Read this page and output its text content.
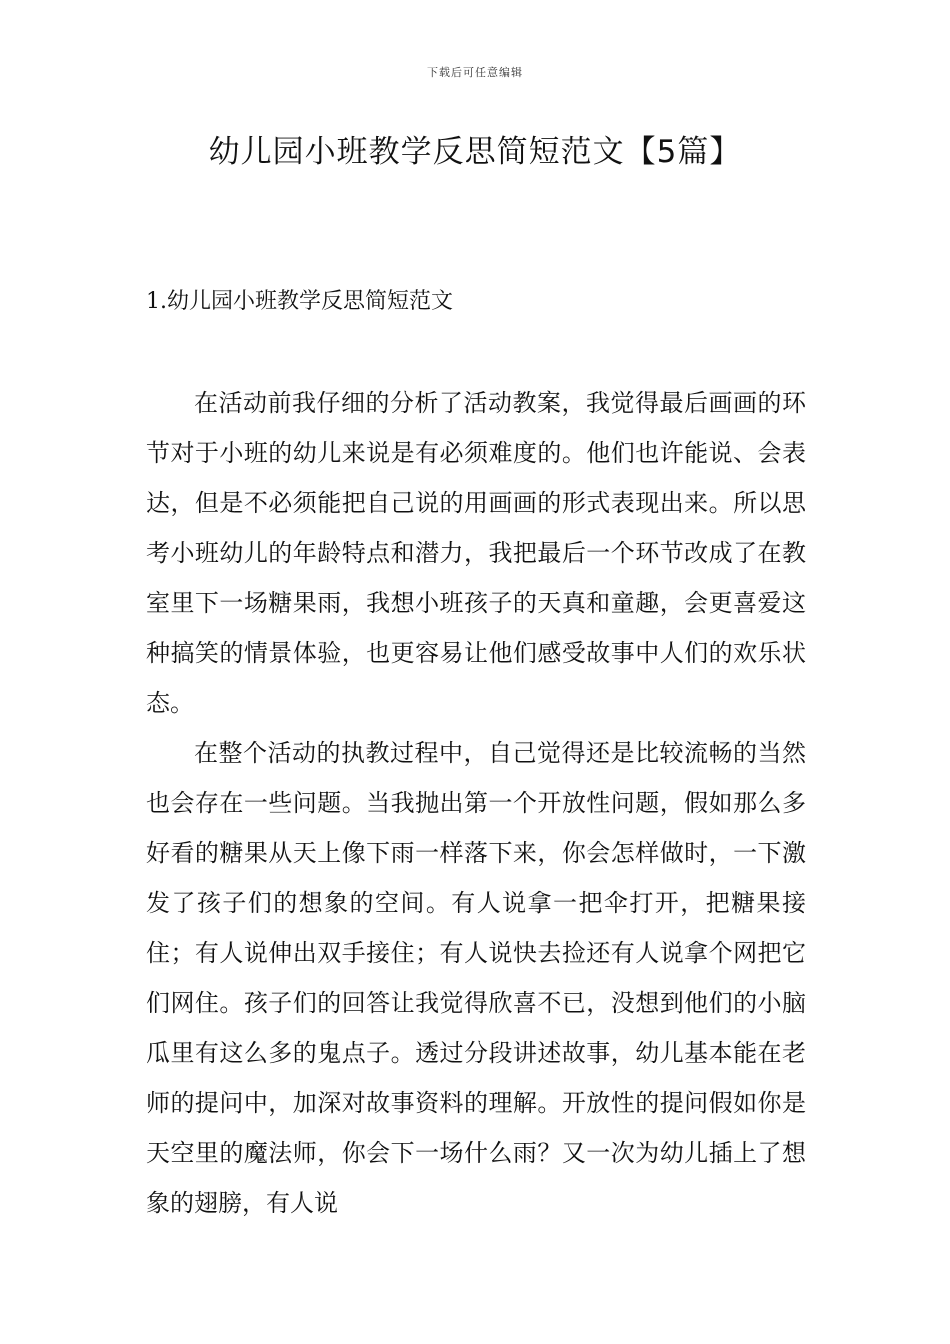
下载后可任意编辑
幼儿园小班教学反思简短范文【5篇】
1.幼儿园小班教学反思简短范文

在活动前我仔细的分析了活动教案，我觉得最后画画的环节对于小班的幼儿来说是有必须难度的。他们也许能说、会表达，但是不必须能把自己说的用画画的形式表现出来。所以思考小班幼儿的年龄特点和潜力，我把最后一个环节改成了在教室里下一场糖果雨，我想小班孩子的天真和童趣，会更喜爱这种搞笑的情景体验，也更容易让他们感受故事中人们的欢乐状态。

在整个活动的执教过程中，自己觉得还是比较流畅的当然也会存在一些问题。当我抛出第一个开放性问题，假如那么多好看的糖果从天上像下雨一样落下来，你会怎样做时，一下激发了孩子们的想象的空间。有人说拿一把伞打开，把糖果接住；有人说伸出双手接住；有人说快去捡还有人说拿个网把它们网住。孩子们的回答让我觉得欣喜不已，没想到他们的小脑瓜里有这么多的鬼点子。透过分段讲述故事，幼儿基本能在老师的提问中，加深对故事资料的理解。开放性的提问假如你是天空里的魔法师，你会下一场什么雨？又一次为幼儿插上了想象的翅膀，有人说
